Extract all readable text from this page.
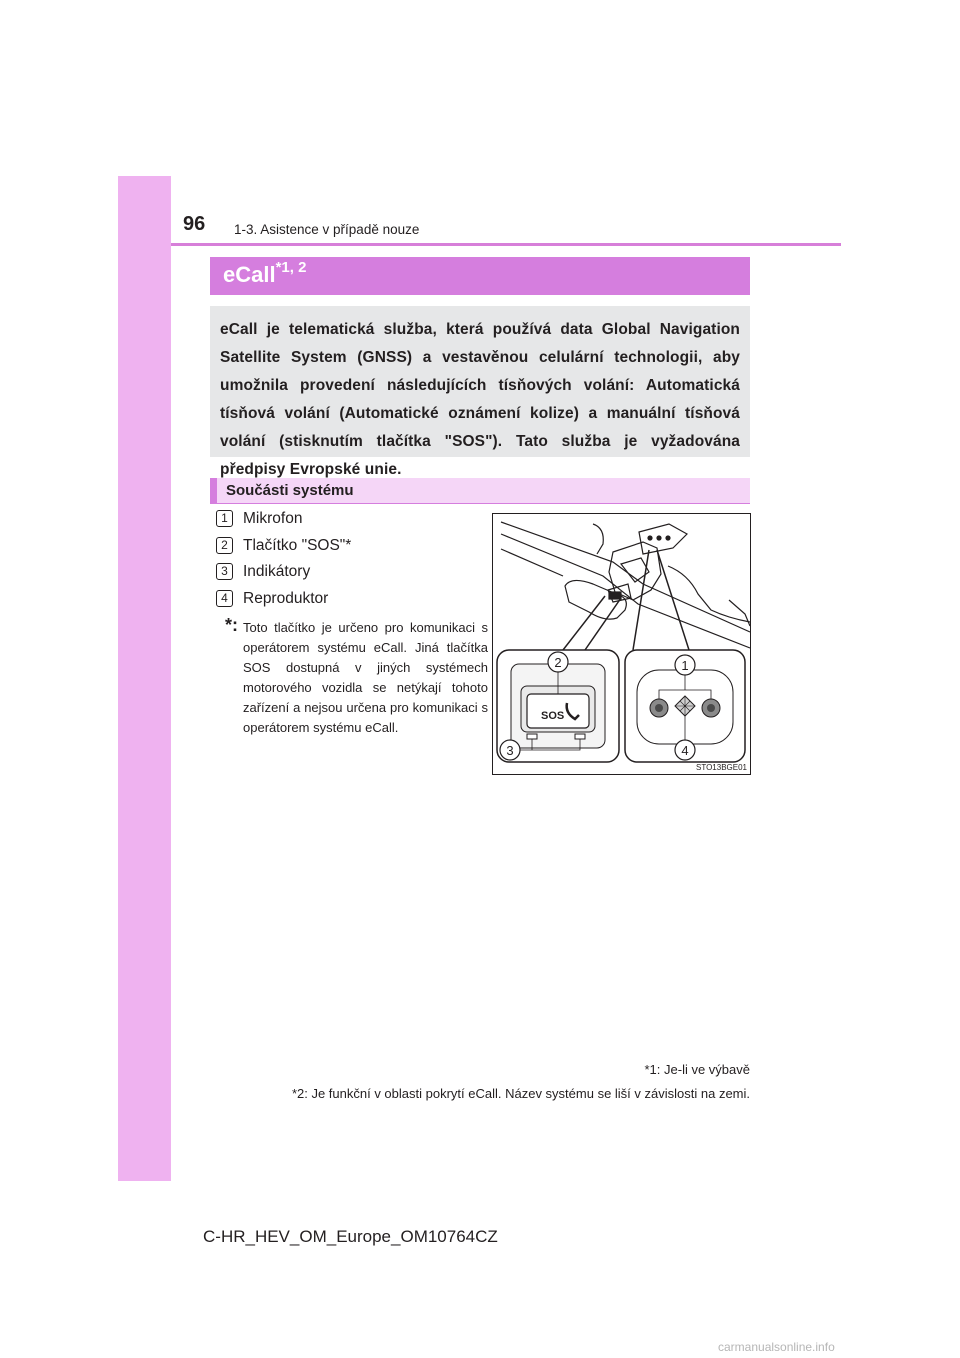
96 1-3. Asistence v případě nouze
eCall$^{*1, 2}$

eCall je telematická služba, která používá data Global Navigation Satellite System (GNSS) a vestavěnou celulární technologii, aby umožnila provedení následujících tísňových volání: Automatická tísňová volání (Automatické oznámení kolize) a manuální tísňová volání (stisknutím tlačítka "SOS"). Tato služba je vyžadována předpisy Evropské unie.

Součásti systému
1 Mikrofon
2 Tlačítko "SOS"*
3 Indikátory
4 Reproduktor
*: Toto tlačítko je určeno pro komunikaci s operátorem systému eCall. Jiná tlačítka SOS dostupná v jiných systémech motorového vozidla se netýkají tohoto zařízení a nejsou určena pro komunikaci s operátorem systému eCall.

SOS
2
3
1
4
STO13BGE01
*1: Je-li ve výbavě
*2: Je funkční v oblasti pokrytí eCall. Název systému se liší v závislosti na zemi.
C-HR_HEV_OM_Europe_OM10764CZ
carmanualsonline.info
